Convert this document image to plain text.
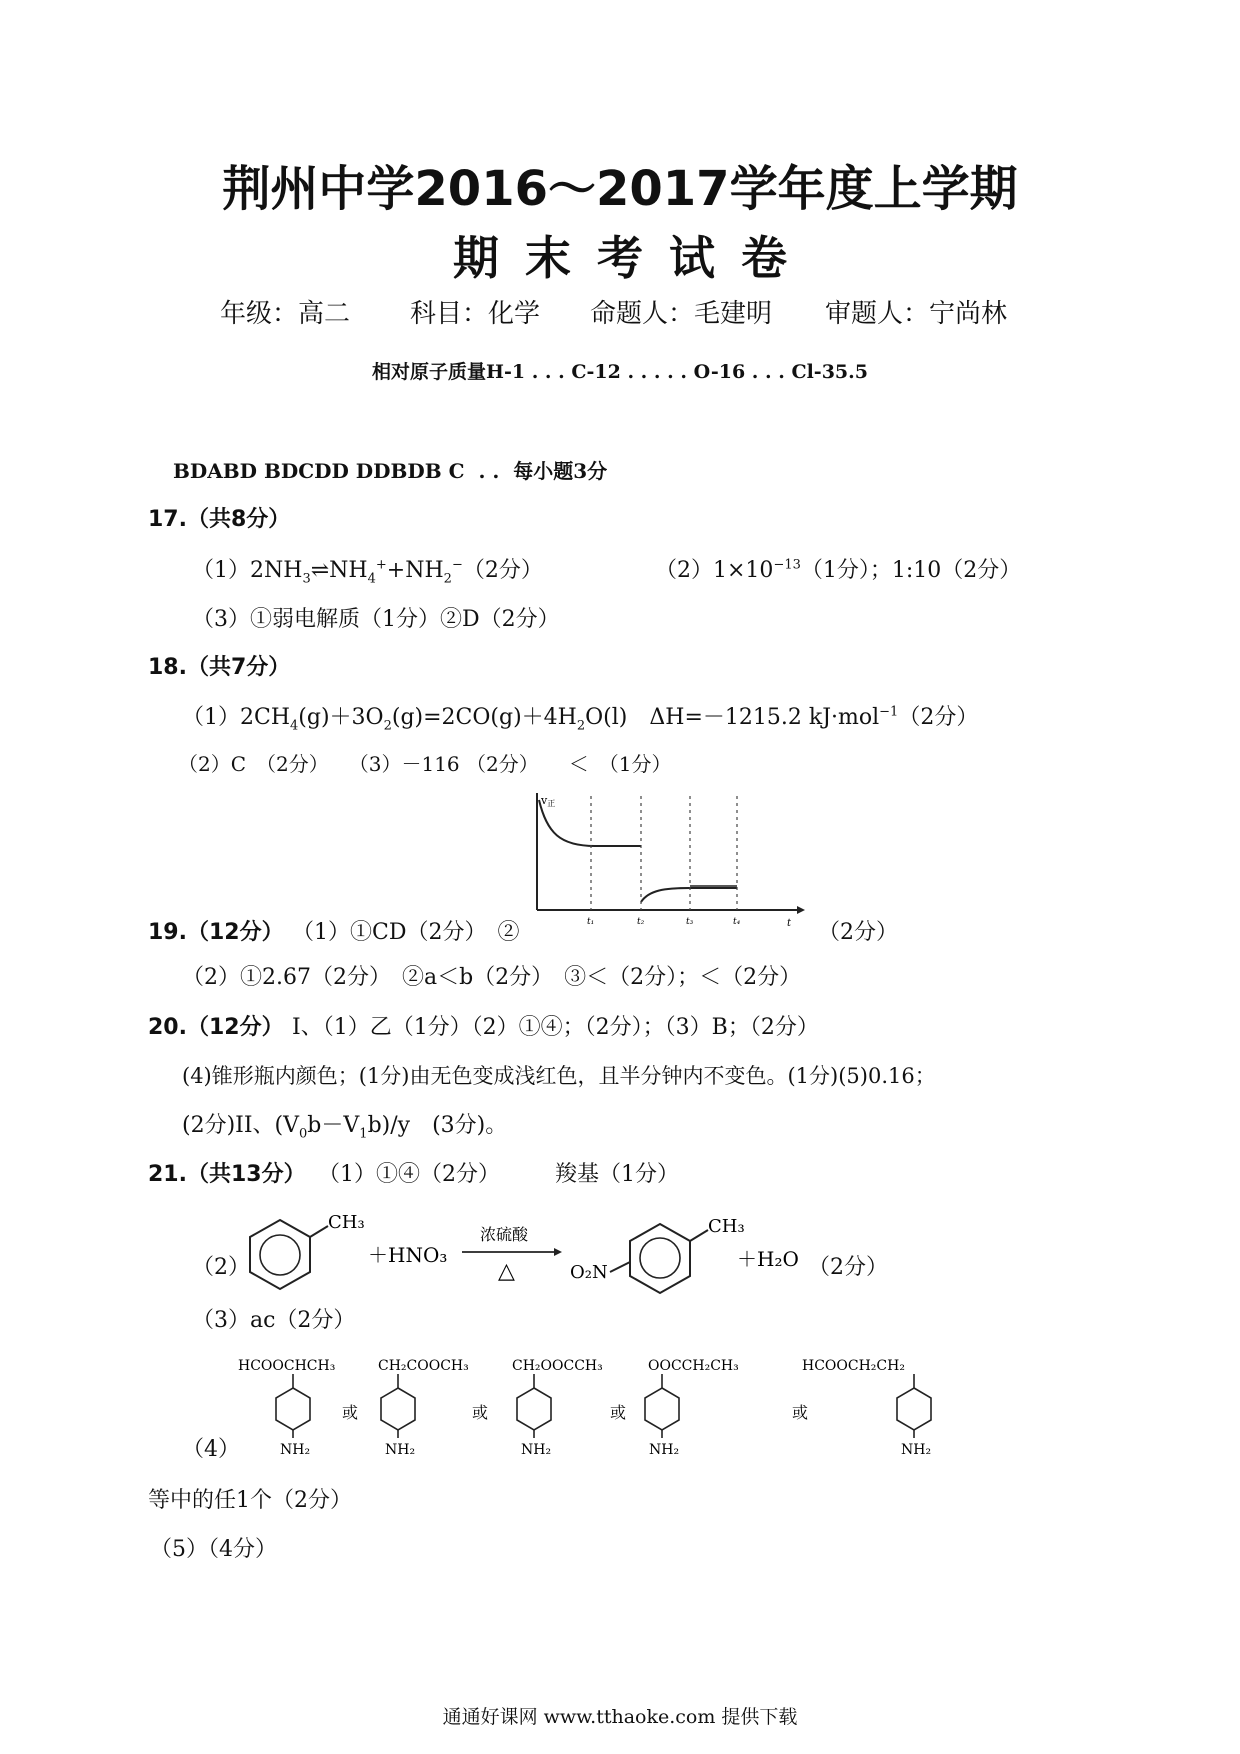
荆州中学2016～2017学年度上学期
期末考试卷
年级：高二 科目：化学 命题人：毛建明 审题人：宁尚林
相对原子质量H-1 . . . C-12 . . . . . O-16 . . . Cl-35.5
BDABD BDCDD DDBDB C  . .  每小题3分
17.（共8分）
$(1)2NH_3\rightleftharpoons NH_4^++NH_2^-(2$分）	$(2)1\times 10^{-13}(1$分）；1:10（2分）
（3）①弱电解质（1分）②D（2分）
18.（共7分）
$(1)2CH_4(g)+3O_2(g)=2CO(g)+4H_2O(l)$　ΔH=－1215.2 kJ·mol$^{-1}$（2分）
（2）C　（2分）　　（3）－116 （2分）　　＜　（1分）
v正
t₁	t₂	t₃	t₄	t
19.（12分） （1）①CD（2分）　②	（2分）
（2）①2.67（2分）　②a＜b（2分）　③＜（2分）；＜（2分）
20.（12分） I、（1）乙（1分）（2）①④；（2分）；（3）B；（2分）
(4)锥形瓶内颜色；(1分)由无色变成浅红色，且半分钟内不变色。(1分)(5)0.16；
(2分)II、$(V_0b-V_1b)/y$　(3分)。
21.（共13分） （1）①④（2分）　　　羧基（1分）
（2）
CH₃
＋HNO₃
浓硫酸
△	O₂N
CH₃
＋H₂O （2分）
（3）ac（2分）
（4）
HCOOCHCH₃
NH₂
或
CH₂COOCH₃
NH₂
或
CH₂OOCCH₃
NH₂
或
OOCCH₂CH₃
NH₂
或
HCOOCH₂CH₂
NH₂
等中的任1个（2分）
（5）（4分）
通通好课网 www.tthaoke.com 提供下载
